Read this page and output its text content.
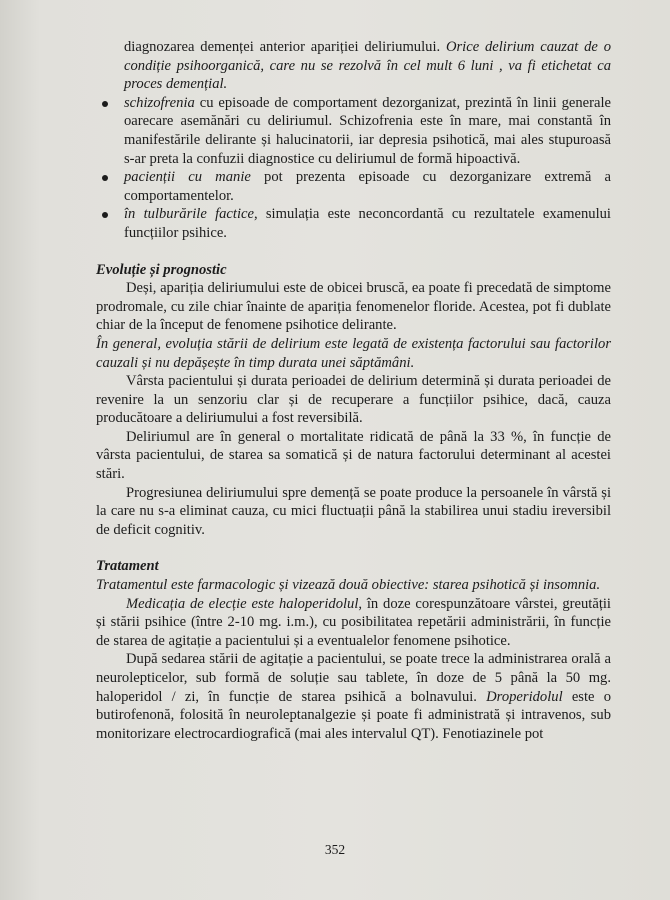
diagnozarea demenței anterior apariției deliriumului. Orice delirium cauzat de o condiție psihoorganică, care nu se rezolvă în cel mult 6 luni , va fi etichetat ca proces demențial.

schizofrenia cu episoade de comportament dezorganizat, prezintă în linii generale oarecare asemănări cu deliriumul. Schizofrenia este în mare, mai constantă în manifestările delirante și halucinatorii, iar depresia psihotică, mai ales stupuroasă s-ar preta la confuzii diagnostice cu deliriumul de formă hipoactivă.
pacienții cu manie pot prezenta episoade cu dezorganizare extremă a comportamentelor.
în tulburările factice, simulația este neconcordantă cu rezultatele examenului funcțiilor psihice.
Evoluție și prognostic

Deși, apariția deliriumului este de obicei bruscă, ea poate fi precedată de simptome prodromale, cu zile chiar înainte de apariția fenomenelor floride. Acestea, pot fi dublate chiar de la început de fenomene psihotice delirante.

În general, evoluția stării de delirium este legată de existența factorului sau factorilor cauzali și nu depășește în timp durata unei săptămâni.

Vârsta pacientului și durata perioadei de delirium determină și durata perioadei de revenire la un senzoriu clar și de recuperare a funcțiilor psihice, dacă, cauza producătoare a deliriumului a fost reversibilă.

Deliriumul are în general o mortalitate ridicată de până la 33 %, în funcție de vârsta pacientului, de starea sa somatică și de natura factorului determinant al acestei stări.

Progresiunea deliriumului spre demență se poate produce la persoanele în vârstă și la care nu s-a eliminat cauza, cu mici fluctuații până la stabilirea unui stadiu ireversibil de deficit cognitiv.

Tratament

Tratamentul este farmacologic și vizează două obiective: starea psihotică și insomnia.

Medicația de elecție este haloperidolul, în doze corespunzătoare vârstei, greutății și stării psihice (între 2-10 mg. i.m.), cu posibilitatea repetării administrării, în funcție de starea de agitație a pacientului și a eventualelor fenomene psihotice.

După sedarea stării de agitație a pacientului, se poate trece la administrarea orală a neurolepticelor, sub formă de soluție sau tablete, în doze de 5 până la 50 mg. haloperidol / zi, în funcție de starea psihică a bolnavului. Droperidolul este o butirofenonă, folosită în neuroleptanalgezie și poate fi administrată și intravenos, sub monitorizare electrocardiografică (mai ales intervalul QT). Fenotiazinele pot

352
